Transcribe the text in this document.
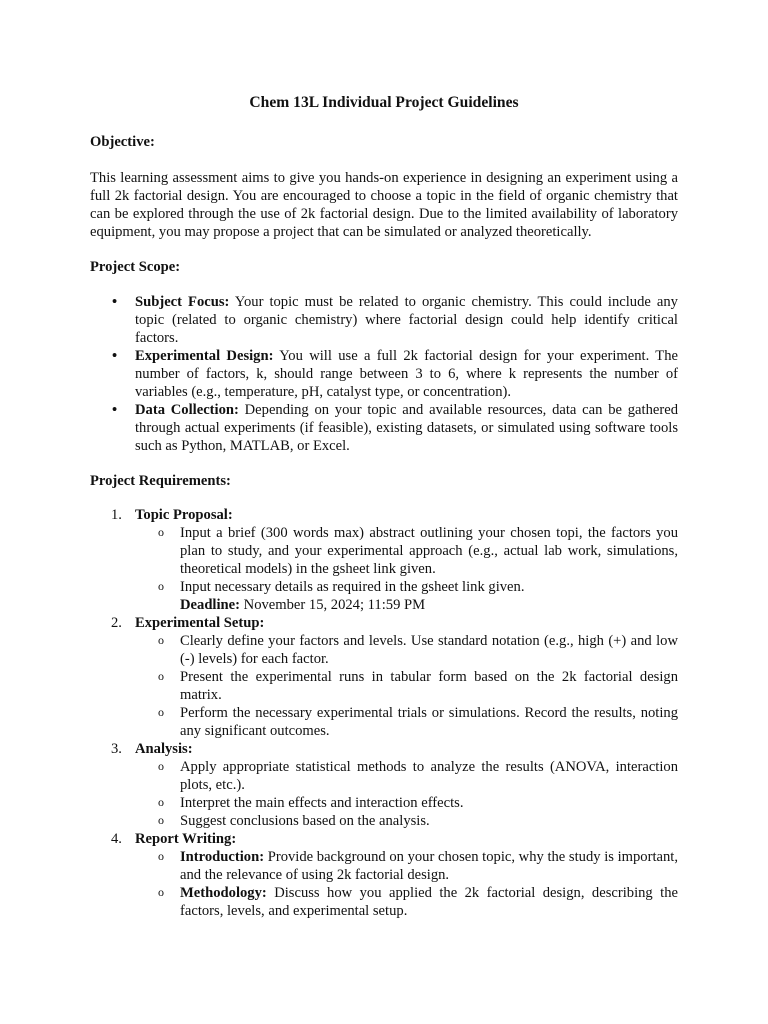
Chem 13L Individual Project Guidelines
Objective:

This learning assessment aims to give you hands-on experience in designing an experiment using a full 2k factorial design. You are encouraged to choose a topic in the field of organic chemistry that can be explored through the use of 2k factorial design. Due to the limited availability of laboratory equipment, you may propose a project that can be simulated or analyzed theoretically.

Project Scope:
• Subject Focus: Your topic must be related to organic chemistry. This could include any topic (related to organic chemistry) where factorial design could help identify critical factors.
• Experimental Design: You will use a full 2k factorial design for your experiment. The number of factors, k, should range between 3 to 6, where k represents the number of variables (e.g., temperature, pH, catalyst type, or concentration).
• Data Collection: Depending on your topic and available resources, data can be gathered through actual experiments (if feasible), existing datasets, or simulated using software tools such as Python, MATLAB, or Excel.
Project Requirements:
1. Topic Proposal:
o Input a brief (300 words max) abstract outlining your chosen topi, the factors you plan to study, and your experimental approach (e.g., actual lab work, simulations, theoretical models) in the gsheet link given.
o Input necessary details as required in the gsheet link given.
Deadline: November 15, 2024; 11:59 PM
2. Experimental Setup:
o Clearly define your factors and levels. Use standard notation (e.g., high (+) and low (-) levels) for each factor.
o Present the experimental runs in tabular form based on the 2k factorial design matrix.
o Perform the necessary experimental trials or simulations. Record the results, noting any significant outcomes.
3. Analysis:
o Apply appropriate statistical methods to analyze the results (ANOVA, interaction plots, etc.).
o Interpret the main effects and interaction effects.
o Suggest conclusions based on the analysis.
4. Report Writing:
o Introduction: Provide background on your chosen topic, why the study is important, and the relevance of using 2k factorial design.
o Methodology: Discuss how you applied the 2k factorial design, describing the factors, levels, and experimental setup.
